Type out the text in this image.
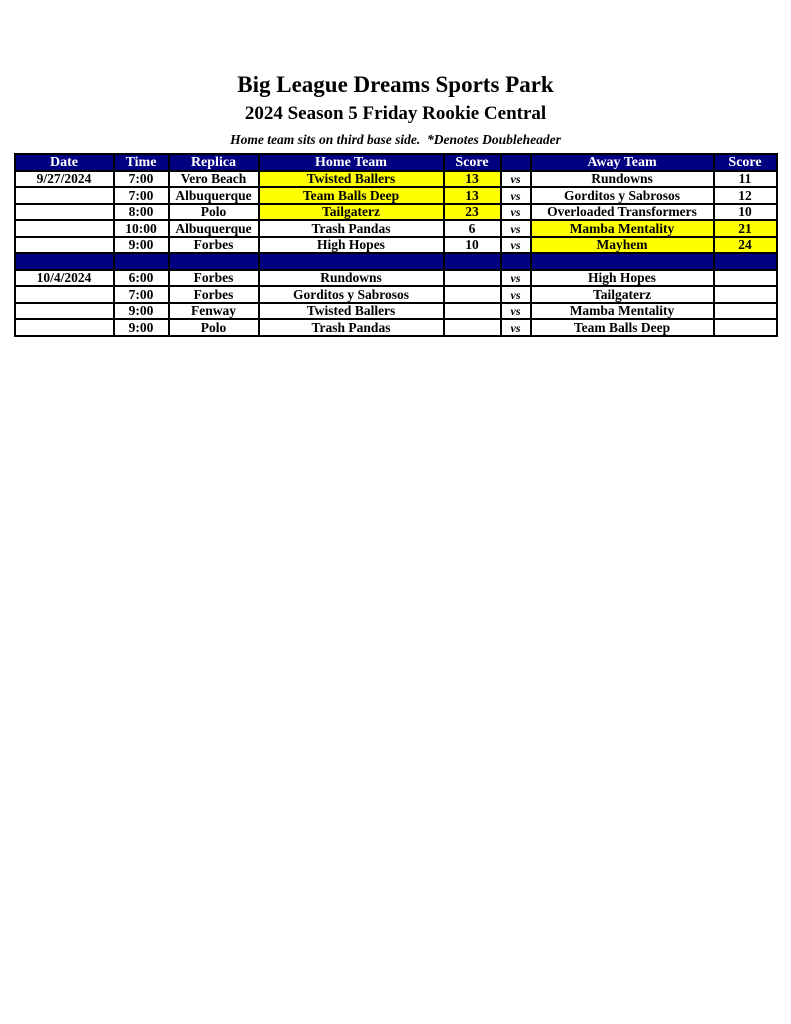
Big League Dreams Sports Park
2024 Season 5 Friday Rookie Central
Home team sits on third base side.  *Denotes Doubleheader
Date	Time	Replica	Home Team	Score		Away Team	Score
9/27/2024	7:00	Vero Beach	Twisted Ballers	13	vs	Rundowns	11
	7:00	Albuquerque	Team Balls Deep	13	vs	Gorditos y Sabrosos	12
	8:00	Polo	Tailgaterz	23	vs	Overloaded Transformers	10
	10:00	Albuquerque	Trash Pandas	6	vs	Mamba Mentality	21
	9:00	Forbes	High Hopes	10	vs	Mayhem	24

10/4/2024	6:00	Forbes	Rundowns		vs	High Hopes	
	7:00	Forbes	Gorditos y Sabrosos		vs	Tailgaterz	
	9:00	Fenway	Twisted Ballers		vs	Mamba Mentality	
	9:00	Polo	Trash Pandas		vs	Team Balls Deep	
